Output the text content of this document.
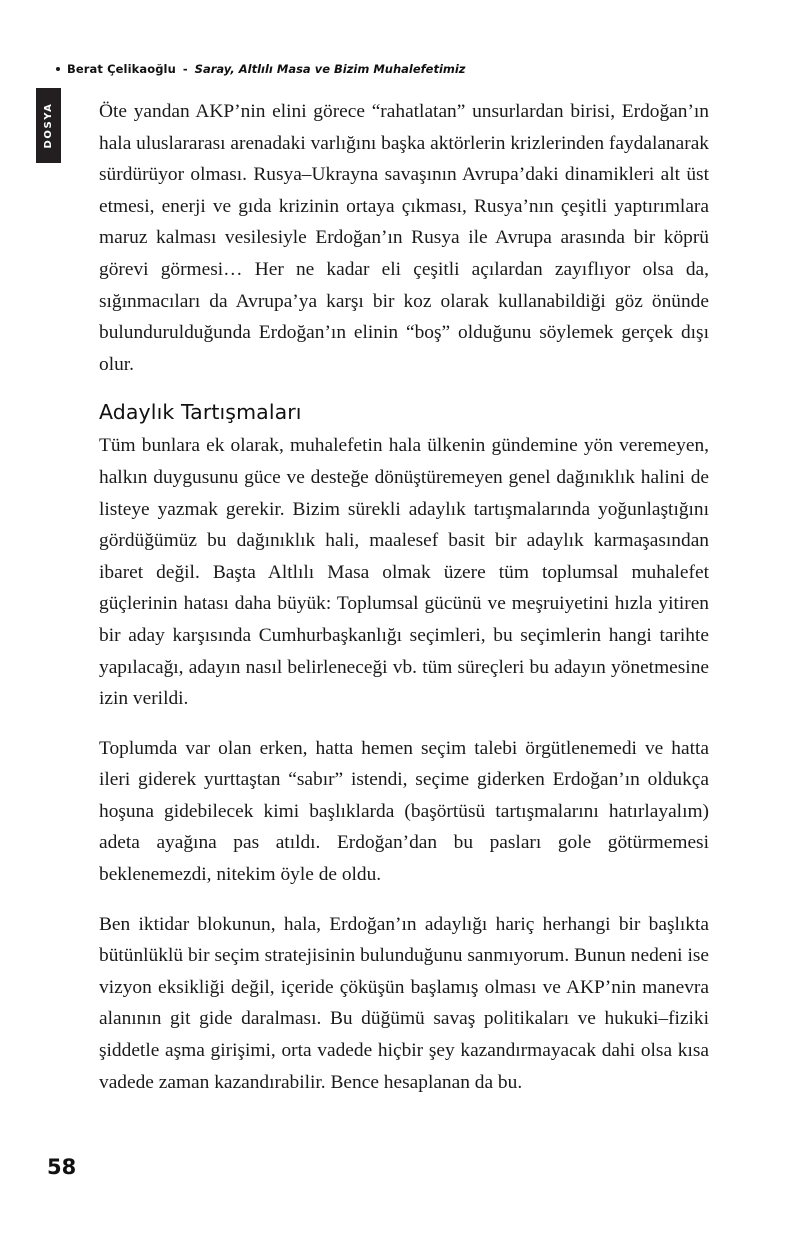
Berat Çelikaoğlu - Saray, Altlılı Masa ve Bizim Muhalefetimiz
DOSYA	Öte yandan AKP’nin elini görece “rahatlatan” unsurlardan birisi, Erdoğan’ın hala uluslararası arenadaki varlığını başka aktörlerin krizlerinden faydalanarak sürdürüyor olması. Rusya–Ukrayna savaşının Avrupa’daki dinamikleri alt üst etmesi, enerji ve gıda krizinin ortaya çıkması, Rusya’nın çeşitli yaptırımlara maruz kalması vesilesiyle Erdoğan’ın Rusya ile Avrupa arasında bir köprü görevi görmesi… Her ne kadar eli çeşitli açılardan zayıflıyor olsa da, sığınmacıları da Avrupa’ya karşı bir koz olarak kullanabildiği göz önünde bulundurulduğunda Erdoğan’ın elinin “boş” olduğunu söylemek gerçek dışı olur.

Adaylık Tartışmaları

Tüm bunlara ek olarak, muhalefetin hala ülkenin gündemine yön veremeyen, halkın duygusunu güce ve desteğe dönüştüremeyen genel dağınıklık halini de listeye yazmak gerekir. Bizim sürekli adaylık tartışmalarında yoğunlaştığını gördüğümüz bu dağınıklık hali, maalesef basit bir adaylık karmaşasından ibaret değil. Başta Altlılı Masa olmak üzere tüm toplumsal muhalefet güçlerinin hatası daha büyük: Toplumsal gücünü ve meşruiyetini hızla yitiren bir aday karşısında Cumhurbaşkanlığı seçimleri, bu seçimlerin hangi tarihte yapılacağı, adayın nasıl belirleneceği vb. tüm süreçleri bu adayın yönetmesine izin verildi.

Toplumda var olan erken, hatta hemen seçim talebi örgütlenemedi ve hatta ileri giderek yurttaştan “sabır” istendi, seçime giderken Erdoğan’ın oldukça hoşuna gidebilecek kimi başlıklarda (başörtüsü tartışmalarını hatırlayalım) adeta ayağına pas atıldı. Erdoğan’dan bu pasları gole götürmemesi beklenemezdi, nitekim öyle de oldu.

Ben iktidar blokunun, hala, Erdoğan’ın adaylığı hariç herhangi bir başlıkta bütünlüklü bir seçim stratejisinin bulunduğunu sanmıyorum. Bunun nedeni ise vizyon eksikliği değil, içeride çöküşün başlamış olması ve AKP’nin manevra alanının git gide daralması. Bu düğümü savaş politikaları ve hukuki–fiziki şiddetle aşma girişimi, orta vadede hiçbir şey kazandırmayacak dahi olsa kısa vadede zaman kazandırabilir. Bence hesaplanan da bu.

58
